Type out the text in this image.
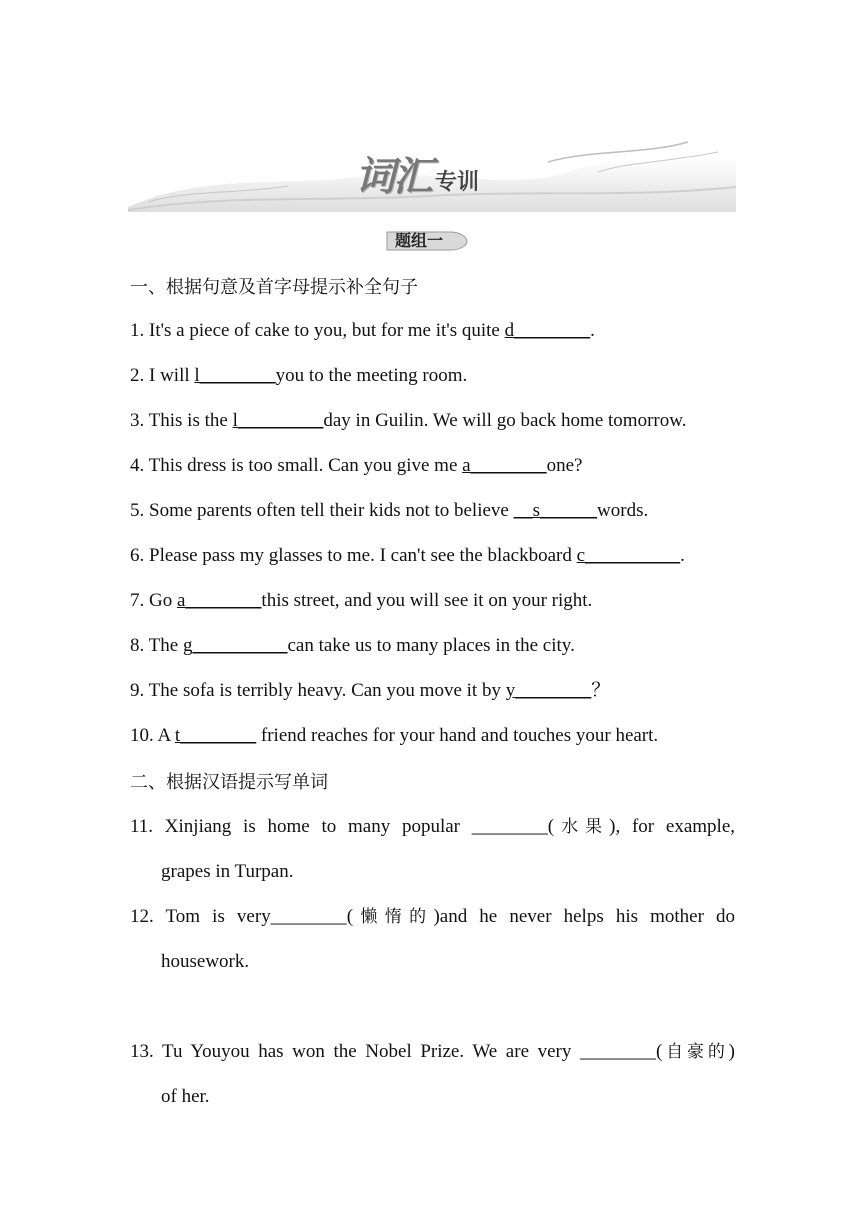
词汇 专训
题组一
一、根据句意及首字母提示补全句子
1. It's a piece of cake to you, but for me it's quite d________.
2. I will l________you to the meeting room.
3. This is the l_________day in Guilin. We will go back home tomorrow.
4. This dress is too small. Can you give me a________one?
5. Some parents often tell their kids not to believe __s______words.
6. Please pass my glasses to me. I can't see the blackboard c__________.
7. Go a________this street, and you will see it on your right.
8. The g__________can take us to many places in the city.
9. The sofa is terribly heavy. Can you move it by y________？
10. A t________ friend reaches for your hand and touches your heart.
二、根据汉语提示写单词
11. Xinjiang is home to many popular ________(水果), for example,
grapes in Turpan.
12. Tom is very________(懒惰的)and he never helps his mother do
housework.
13. Tu Youyou has won the Nobel Prize. We are very ________(自豪的)
of her.
